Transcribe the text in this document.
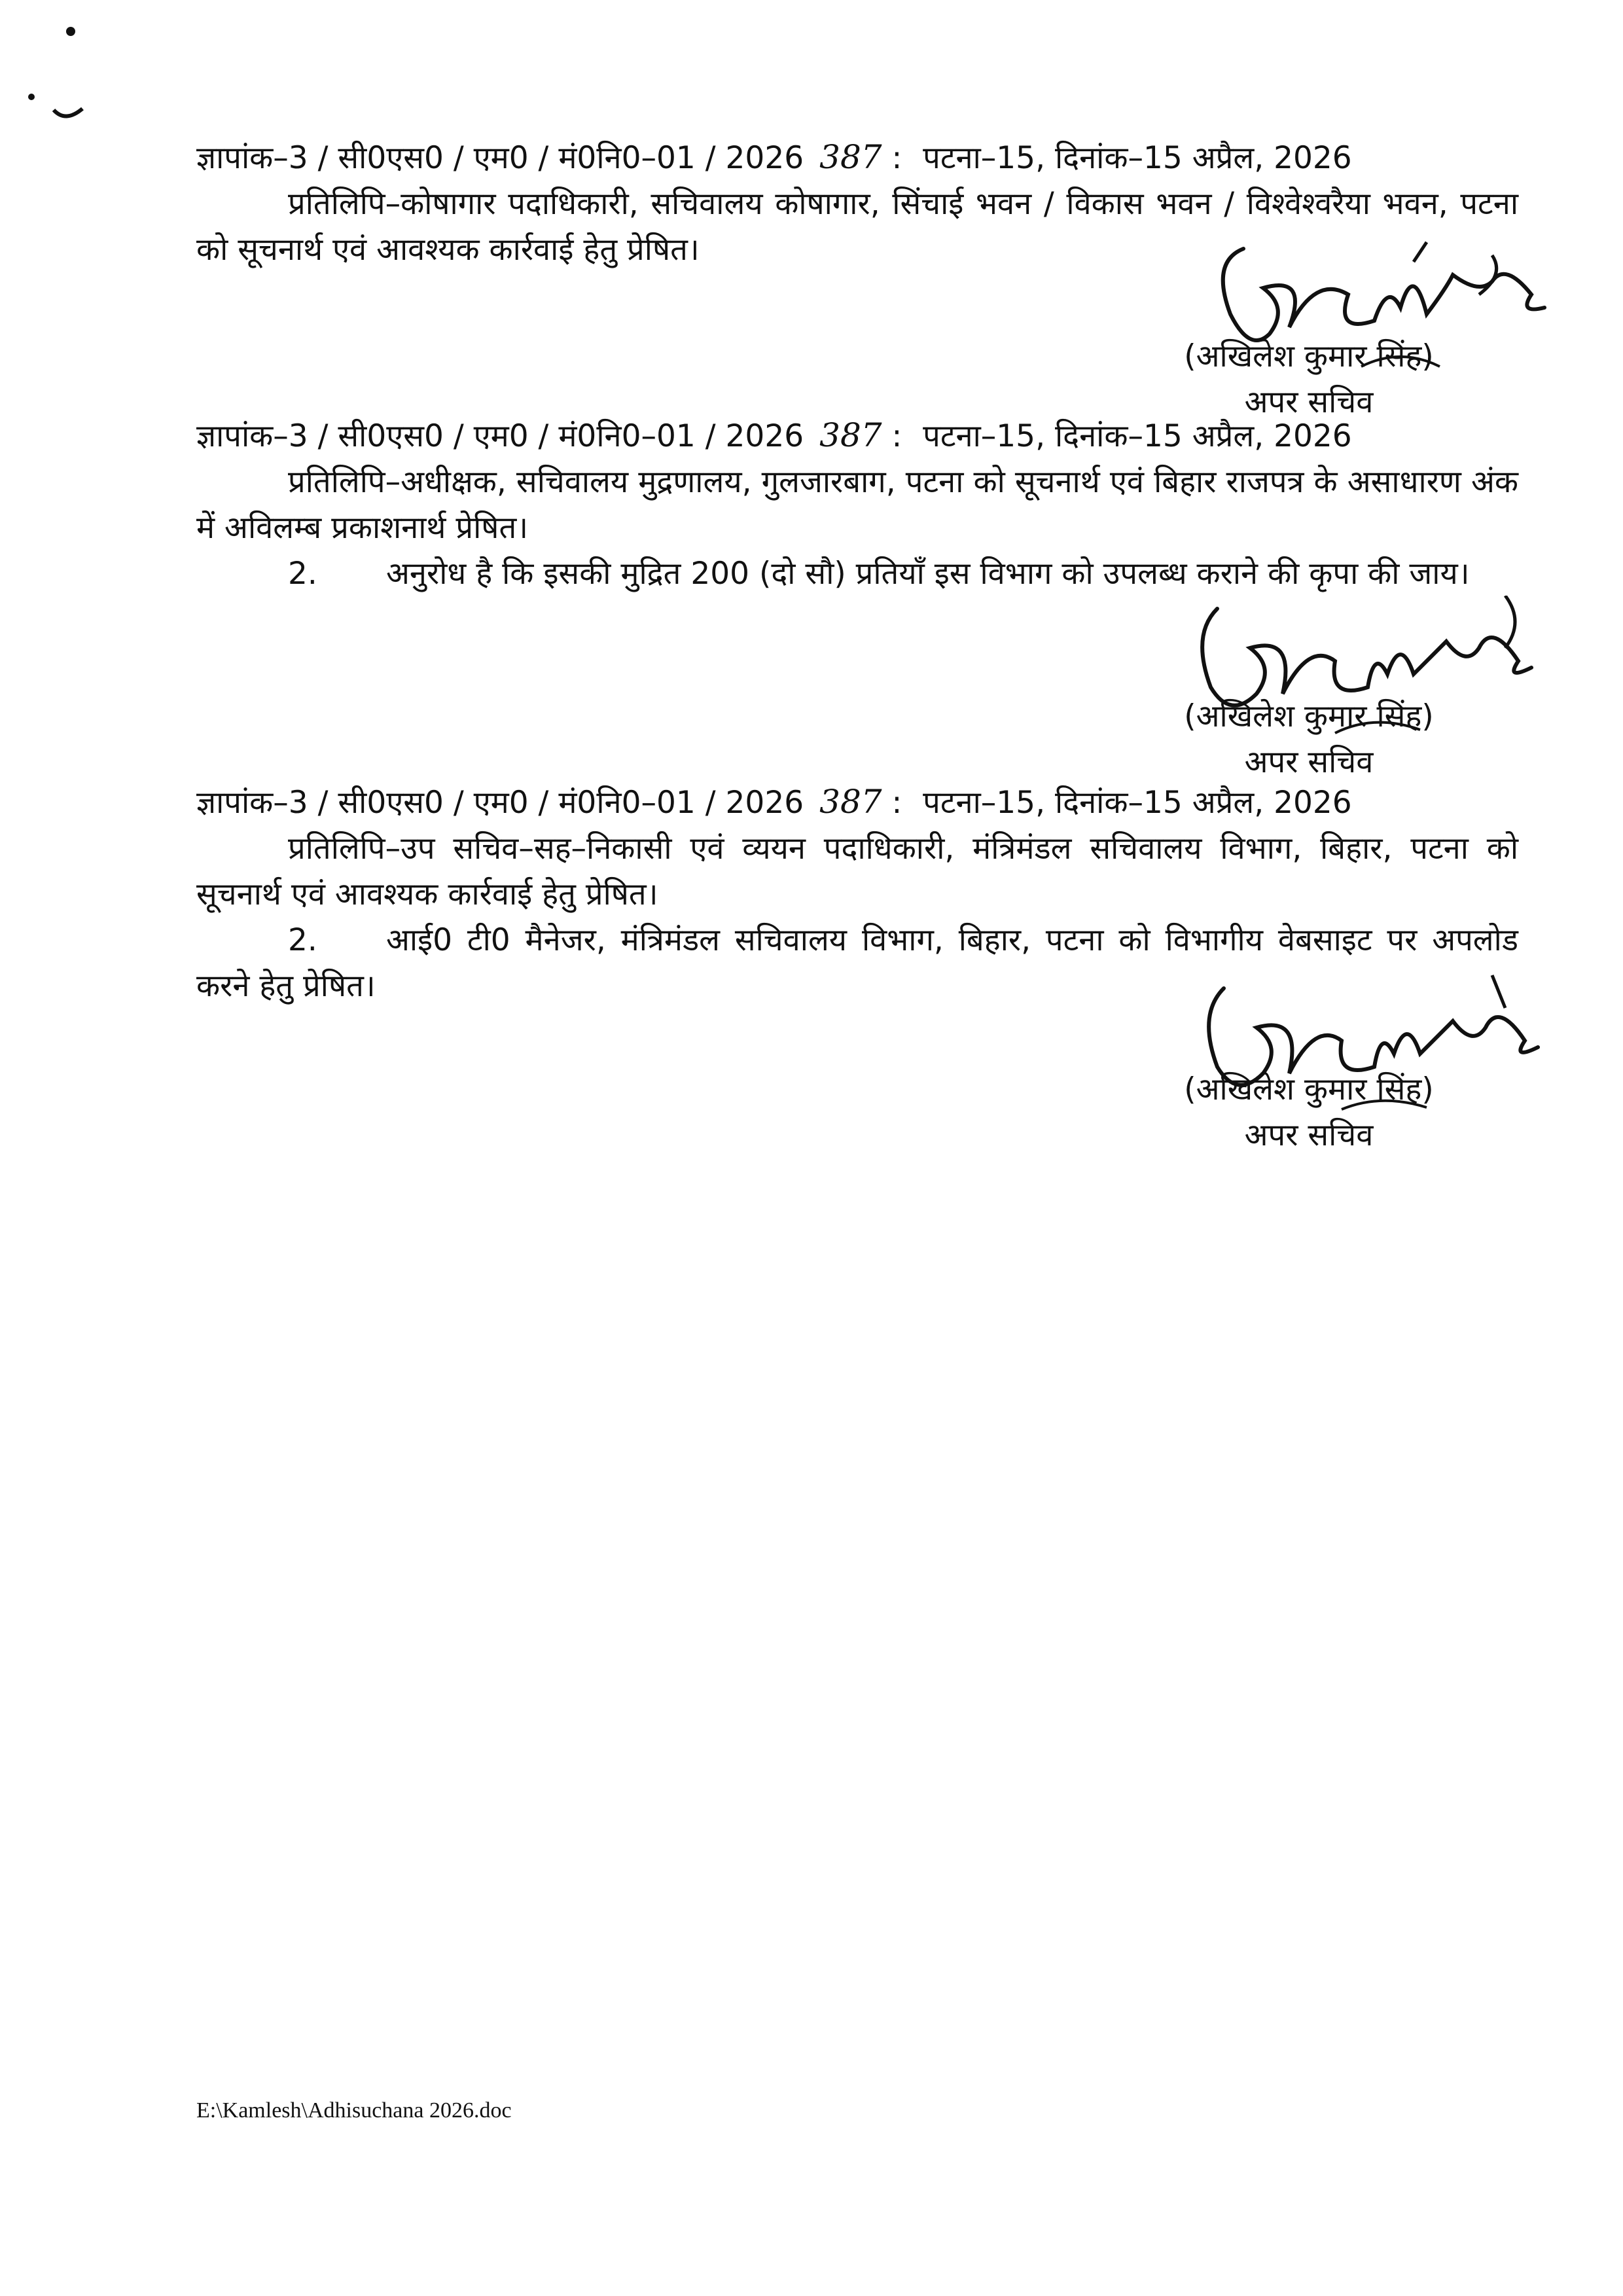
ज्ञापांक–3 / सी0एस0 / एम0 / मं0नि0–01 / 2026 387 : पटना–15, दिनांक–15 अप्रैल, 2026

प्रतिलिपि–कोषागार पदाधिकारी, सचिवालय कोषागार, सिंचाई भवन / विकास भवन / विश्वेश्वरैया भवन, पटना को सूचनार्थ एवं आवश्यक कार्रवाई हेतु प्रेषित।

(अखिलेश कुमार सिंह)
अपर सचिव
ज्ञापांक–3 / सी0एस0 / एम0 / मं0नि0–01 / 2026 387 : पटना–15, दिनांक–15 अप्रैल, 2026

प्रतिलिपि–अधीक्षक, सचिवालय मुद्रणालय, गुलजारबाग, पटना को सूचनार्थ एवं बिहार राजपत्र के असाधारण अंक में अविलम्ब प्रकाशनार्थ प्रेषित।

2. अनुरोध है कि इसकी मुद्रित 200 (दो सौ) प्रतियाँ इस विभाग को उपलब्ध कराने की कृपा की जाय।

(अखिलेश कुमार सिंह)
अपर सचिव
ज्ञापांक–3 / सी0एस0 / एम0 / मं0नि0–01 / 2026 387 : पटना–15, दिनांक–15 अप्रैल, 2026

प्रतिलिपि–उप सचिव–सह–निकासी एवं व्ययन पदाधिकारी, मंत्रिमंडल सचिवालय विभाग, बिहार, पटना को सूचनार्थ एवं आवश्यक कार्रवाई हेतु प्रेषित।

2. आई0 टी0 मैनेजर, मंत्रिमंडल सचिवालय विभाग, बिहार, पटना को विभागीय वेबसाइट पर अपलोड करने हेतु प्रेषित।

(अखिलेश कुमार सिंह)
अपर सचिव
E:\Kamlesh\Adhisuchana 2026.doc
